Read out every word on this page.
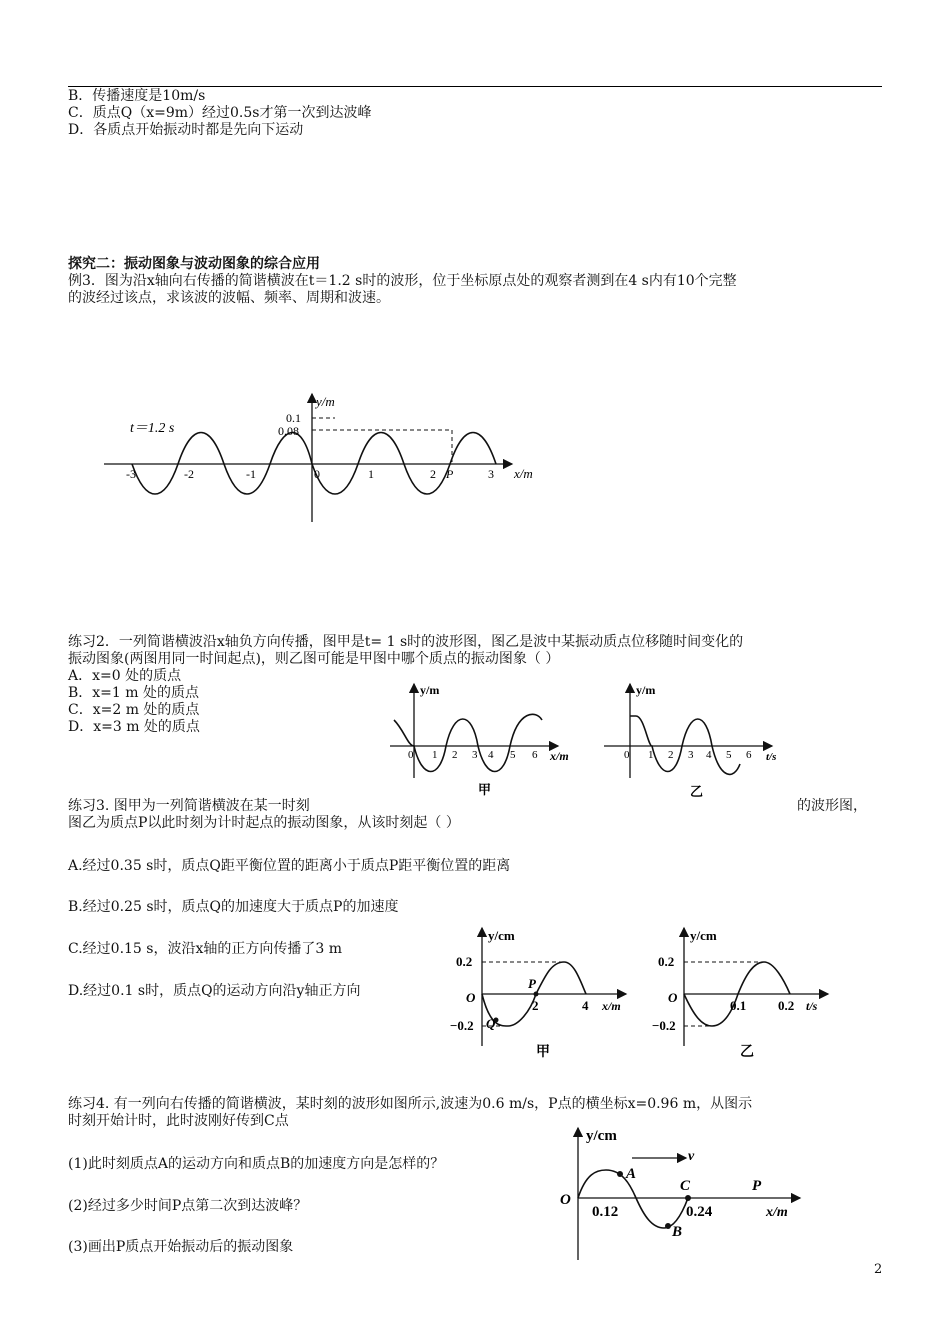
B．传播速度是10m/s
C．质点Q（x=9m）经过0.5s才第一次到达波峰
D．各质点开始振动时都是先向下运动
探究二：振动图象与波动图象的综合应用
例3．图为沿x轴向右传播的简谐横波在t＝1.2 s时的波形，位于坐标原点处的观察者测到在4 s内有10个完整
的波经过该点，求该波的波幅、频率、周期和波速。
t＝1.2 s
y/m
x/m
0.1
0.08
-3	-2	-1	0	1	2 P	3
练习2．一列简谐横波沿x轴负方向传播，图甲是t= 1 s时的波形图，图乙是波中某振动质点位移随时间变化的
振动图象(两图用同一时间起点)，则乙图可能是甲图中哪个质点的振动图象（ ）
A．x=0 处的质点
B．x=1 m 处的质点
C．x=2 m 处的质点
D．x=3 m 处的质点
y/m
x/m
0 1 2 3 4 5 6
甲
y/m
t/s
0 1 2 3 4 5 6
乙
练习3. 图甲为一列简谐横波在某一时刻	的波形图，
图乙为质点P以此时刻为计时起点的振动图象，从该时刻起（ ）
A.经过0.35 s时，质点Q距平衡位置的距离小于质点P距平衡位置的距离
B.经过0.25 s时，质点Q的加速度大于质点P的加速度
C.经过0.15 s，波沿x轴的正方向传播了3 m
D.经过0.1 s时，质点Q的运动方向沿y轴正方向
y/cm
x/m
0.2
−0.2
O
2	4
P
Q
甲
y/cm
t/s
0.2
−0.2
O
0.1 0.2
乙
练习4. 有一列向右传播的简谐横波，某时刻的波形如图所示,波速为0.6 m/s，P点的横坐标x=0.96 m，从图示
时刻开始计时，此时波刚好传到C点
(1)此时刻质点A的运动方向和质点B的加速度方向是怎样的？
(2)经过多少时间P点第二次到达波峰？
(3)画出P质点开始振动后的振动图象
y/cm
x/m
O
v
0.12	0.24
A
B
C	P
2
